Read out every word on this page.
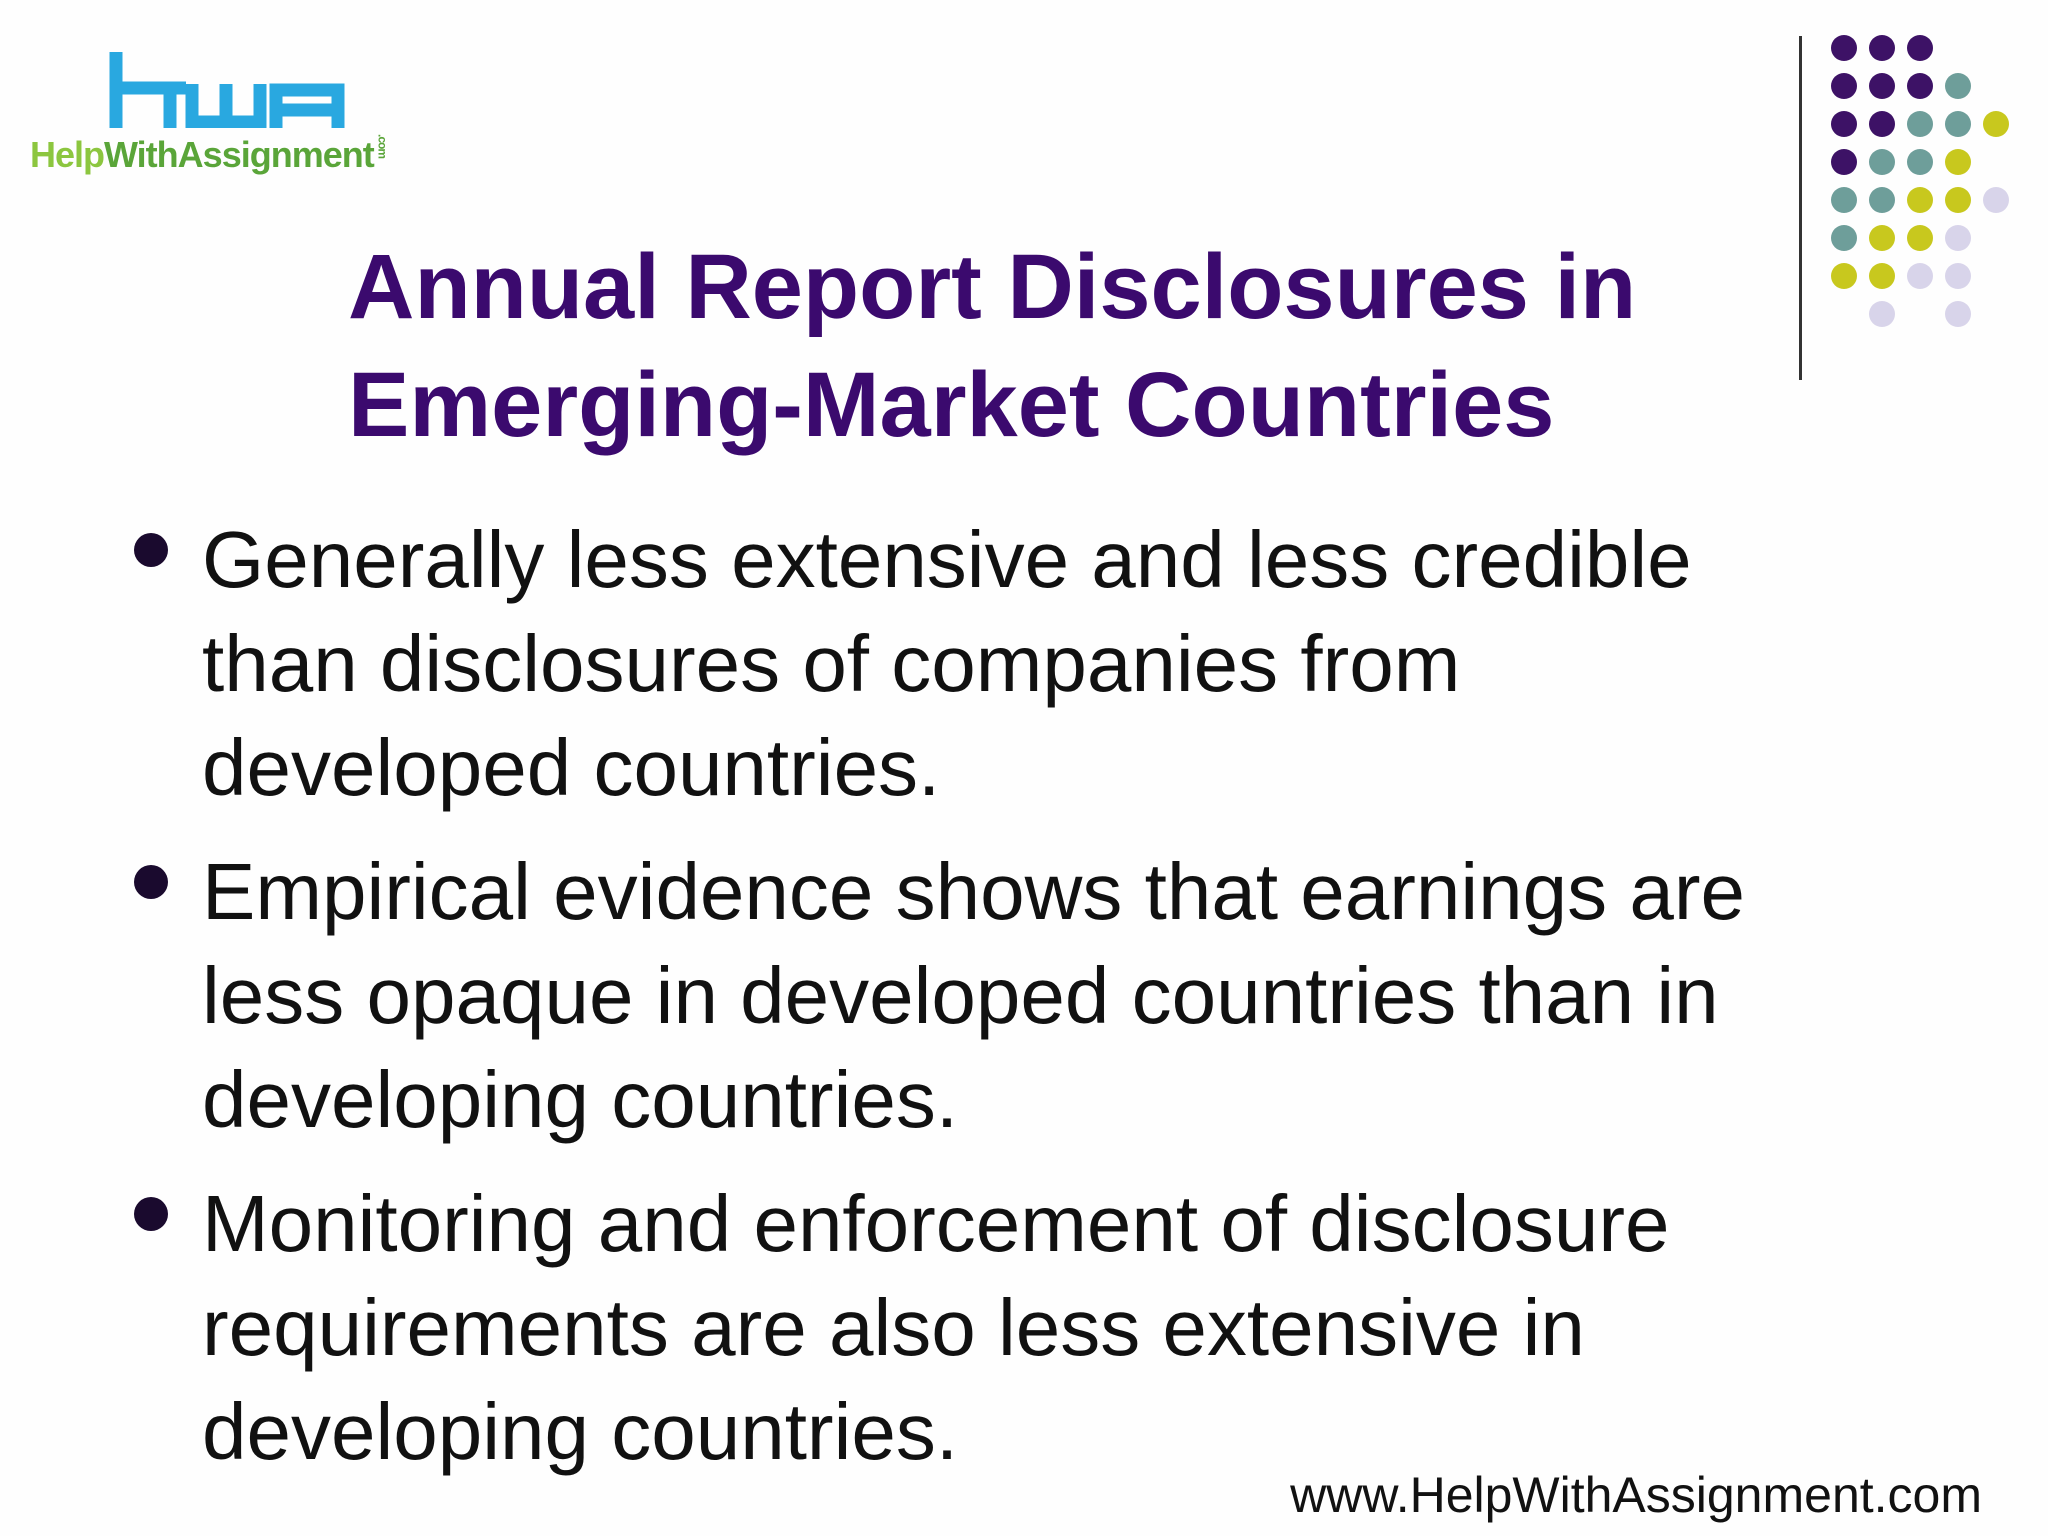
HelpWithAssignment .com
Annual Report Disclosures in
Emerging-Market Countries
Generally less extensive and less credible
than disclosures of companies from
developed countries.
Empirical evidence shows that earnings are
less opaque in developed countries than in
developing countries.
Monitoring and enforcement of disclosure
requirements are also less extensive in
developing countries.
www.HelpWithAssignment.com
